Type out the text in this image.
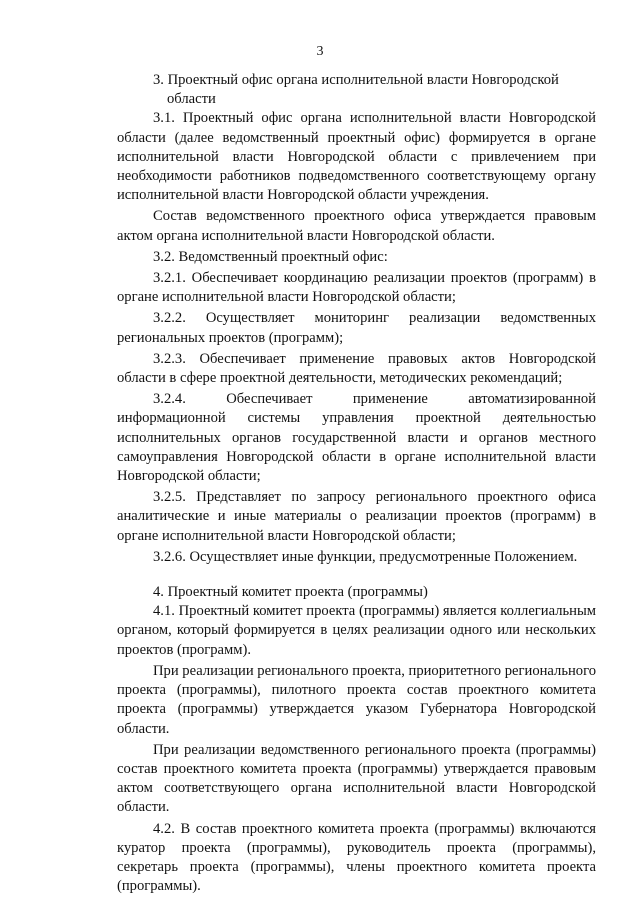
3
3. Проектный офис органа исполнительной власти Новгородской
области

3.1. Проектный офис органа исполнительной власти Новгородской области (далее ведомственный проектный офис) формируется в органе исполнительной власти Новгородской области с привлечением при необходимости работников подведомственного соответствующему органу исполнительной власти Новгородской области учреждения.

Состав ведомственного проектного офиса утверждается правовым актом органа исполнительной власти Новгородской области.

3.2. Ведомственный проектный офис:

3.2.1. Обеспечивает координацию реализации проектов (программ) в органе исполнительной власти Новгородской области;

3.2.2. Осуществляет мониторинг реализации ведомственных региональных проектов (программ);

3.2.3. Обеспечивает применение правовых актов Новгородской области в сфере проектной деятельности, методических рекомендаций;

3.2.4. Обеспечивает применение автоматизированной информационной системы управления проектной деятельностью исполнительных органов государственной власти и органов местного самоуправления Новгородской области в органе исполнительной власти Новгородской области;

3.2.5. Представляет по запросу регионального проектного офиса аналитические и иные материалы о реализации проектов (программ) в органе исполнительной власти Новгородской области;

3.2.6. Осуществляет иные функции, предусмотренные Положением.

4. Проектный комитет проекта (программы)

4.1. Проектный комитет проекта (программы) является коллегиальным органом, который формируется в целях реализации одного или нескольких проектов (программ).

При реализации регионального проекта, приоритетного регионального проекта (программы), пилотного проекта состав проектного комитета проекта (программы) утверждается указом Губернатора Новгородской области.

При реализации ведомственного регионального проекта (программы) состав проектного комитета проекта (программы) утверждается правовым актом соответствующего органа исполнительной власти Новгородской области.

4.2. В состав проектного комитета проекта (программы) включаются куратор проекта (программы), руководитель проекта (программы), секретарь проекта (программы), члены проектного комитета проекта (программы).
